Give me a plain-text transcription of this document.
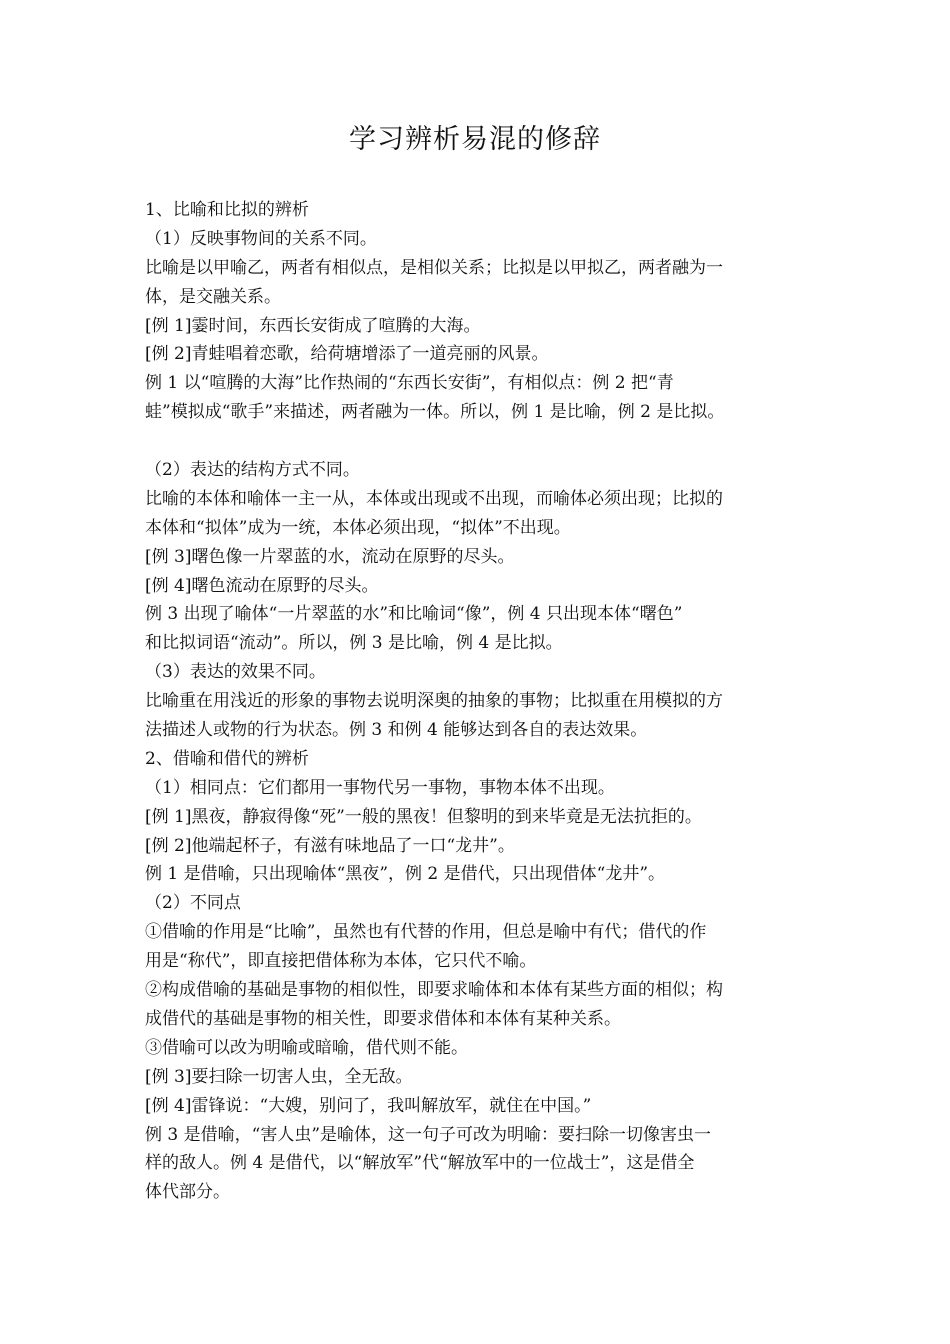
学习辨析易混的修辞

1、比喻和比拟的辨析

（1）反映事物间的关系不同。

比喻是以甲喻乙，两者有相似点，是相似关系；比拟是以甲拟乙，两者融为一

体，是交融关系。

[例 1]霎时间，东西长安街成了喧腾的大海。

[例 2]青蛙唱着恋歌，给荷塘增添了一道亮丽的风景。

例 1 以“喧腾的大海”比作热闹的“东西长安街”，有相似点：例 2 把“青

蛙”模拟成“歌手”来描述，两者融为一体。所以，例 1 是比喻，例 2 是比拟。

（2）表达的结构方式不同。

比喻的本体和喻体一主一从，本体或出现或不出现，而喻体必须出现；比拟的

本体和“拟体”成为一统，本体必须出现，“拟体”不出现。

[例 3]曙色像一片翠蓝的水，流动在原野的尽头。

[例 4]曙色流动在原野的尽头。

例 3 出现了喻体“一片翠蓝的水”和比喻词“像”，例 4 只出现本体“曙色”

和比拟词语“流动”。所以，例 3 是比喻，例 4 是比拟。

（3）表达的效果不同。

比喻重在用浅近的形象的事物去说明深奥的抽象的事物；比拟重在用模拟的方

法描述人或物的行为状态。例 3 和例 4 能够达到各自的表达效果。

2、借喻和借代的辨析

（1）相同点：它们都用一事物代另一事物，事物本体不出现。

[例 1]黑夜，静寂得像“死”一般的黑夜！但黎明的到来毕竟是无法抗拒的。

[例 2]他端起杯子，有滋有味地品了一口“龙井”。

例 1 是借喻，只出现喻体“黑夜”，例 2 是借代，只出现借体“龙井”。

（2）不同点

①借喻的作用是“比喻”，虽然也有代替的作用，但总是喻中有代；借代的作

用是“称代”，即直接把借体称为本体，它只代不喻。

②构成借喻的基础是事物的相似性，即要求喻体和本体有某些方面的相似；构

成借代的基础是事物的相关性，即要求借体和本体有某种关系。

③借喻可以改为明喻或暗喻，借代则不能。

[例 3]要扫除一切害人虫，全无敌。

[例 4]雷锋说：“大嫂，别问了，我叫解放军，就住在中国。”

例 3 是借喻，“害人虫”是喻体，这一句子可改为明喻：要扫除一切像害虫一

样的敌人。例 4 是借代，以“解放军”代“解放军中的一位战士”，这是借全

体代部分。
